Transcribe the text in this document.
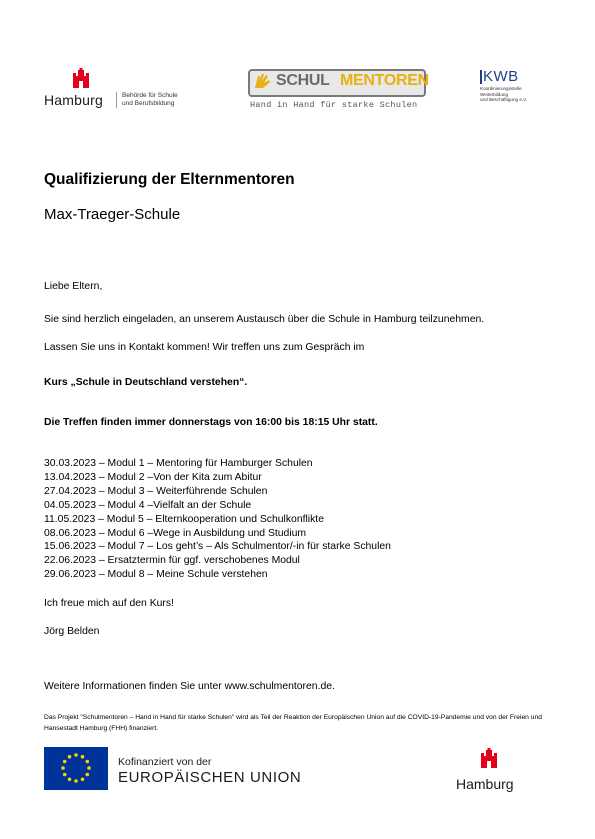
Hamburg	Behörde für Schule
und Berufsbildung
SCHUL MENTOREN
Hand in Hand für starke Schulen
KWB
Koordinierungsstelle
Weiterbildung
und Beschäftigung e.V.
Qualifizierung der Elternmentoren
Max-Traeger-Schule
Liebe Eltern,
Sie sind herzlich eingeladen, an unserem Austausch über die Schule in Hamburg teilzunehmen.
Lassen Sie uns in Kontakt kommen! Wir treffen uns zum Gespräch im
Kurs „Schule in Deutschland verstehen“.
Die Treffen finden immer donnerstags von 16:00 bis 18:15 Uhr statt.
30.03.2023 – Modul 1 – Mentoring für Hamburger Schulen
13.04.2023 – Modul 2 –Von der Kita zum Abitur
27.04.2023 – Modul 3 – Weiterführende Schulen
04.05.2023 – Modul 4 –Vielfalt an der Schule
11.05.2023 – Modul 5 – Elternkooperation und Schulkonflikte
08.06.2023 – Modul 6 –Wege in Ausbildung und Studium
15.06.2023 – Modul 7 – Los geht’s – Als Schulmentor/-in für starke Schulen
22.06.2023 – Ersatztermin für ggf. verschobenes Modul
29.06.2023 – Modul 8 – Meine Schule verstehen
Ich freue mich auf den Kurs!
Jörg Belden
Weitere Informationen finden Sie unter www.schulmentoren.de.
Das Projekt "Schulmentoren – Hand in Hand für starke Schulen" wird als Teil der Reaktion der Europäischen Union auf die COVID-19-Pandemie und von der Freien und Hansestadt Hamburg (FHH) finanziert.
Kofinanziert von der
EUROPÄISCHEN UNION	Hamburg
